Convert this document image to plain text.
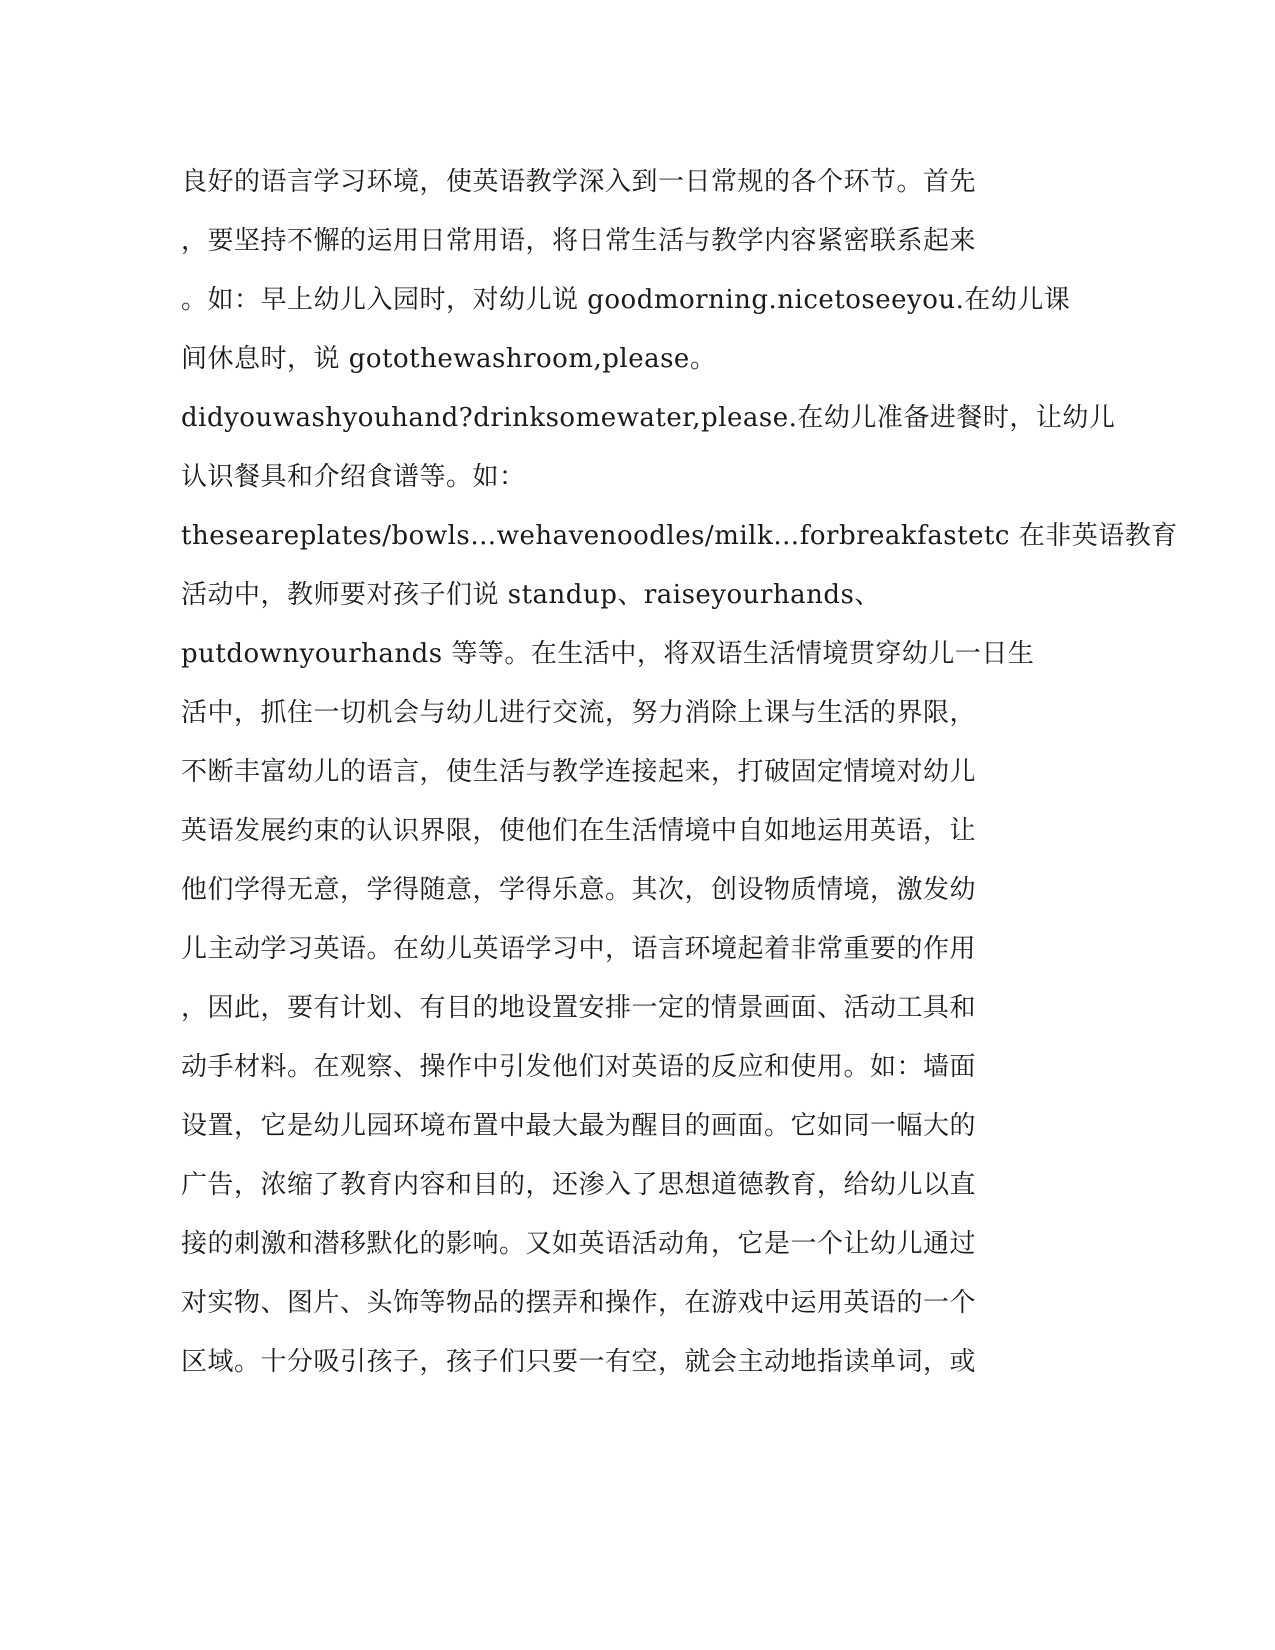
良好的语言学习环境，使英语教学深入到一日常规的各个环节。首先
，要坚持不懈的运用日常用语，将日常生活与教学内容紧密联系起来
。如：早上幼儿入园时，对幼儿说 goodmorning.nicetoseeyou.在幼儿课
间休息时，说 gotothewashroom,please。
didyouwashyouhand?drinksomewater,please.在幼儿准备进餐时，让幼儿
认识餐具和介绍食谱等。如：
theseareplates/bowls…wehavenoodles/milk…forbreakfastetc 在非英语教育
活动中，教师要对孩子们说 standup、raiseyourhands、
putdownyourhands 等等。在生活中，将双语生活情境贯穿幼儿一日生
活中，抓住一切机会与幼儿进行交流，努力消除上课与生活的界限，
不断丰富幼儿的语言，使生活与教学连接起来，打破固定情境对幼儿
英语发展约束的认识界限，使他们在生活情境中自如地运用英语，让
他们学得无意，学得随意，学得乐意。其次，创设物质情境，激发幼
儿主动学习英语。在幼儿英语学习中，语言环境起着非常重要的作用
，因此，要有计划、有目的地设置安排一定的情景画面、活动工具和
动手材料。在观察、操作中引发他们对英语的反应和使用。如：墙面
设置，它是幼儿园环境布置中最大最为醒目的画面。它如同一幅大的
广告，浓缩了教育内容和目的，还渗入了思想道德教育，给幼儿以直
接的刺激和潜移默化的影响。又如英语活动角，它是一个让幼儿通过
对实物、图片、头饰等物品的摆弄和操作，在游戏中运用英语的一个
区域。十分吸引孩子，孩子们只要一有空，就会主动地指读单词，或
